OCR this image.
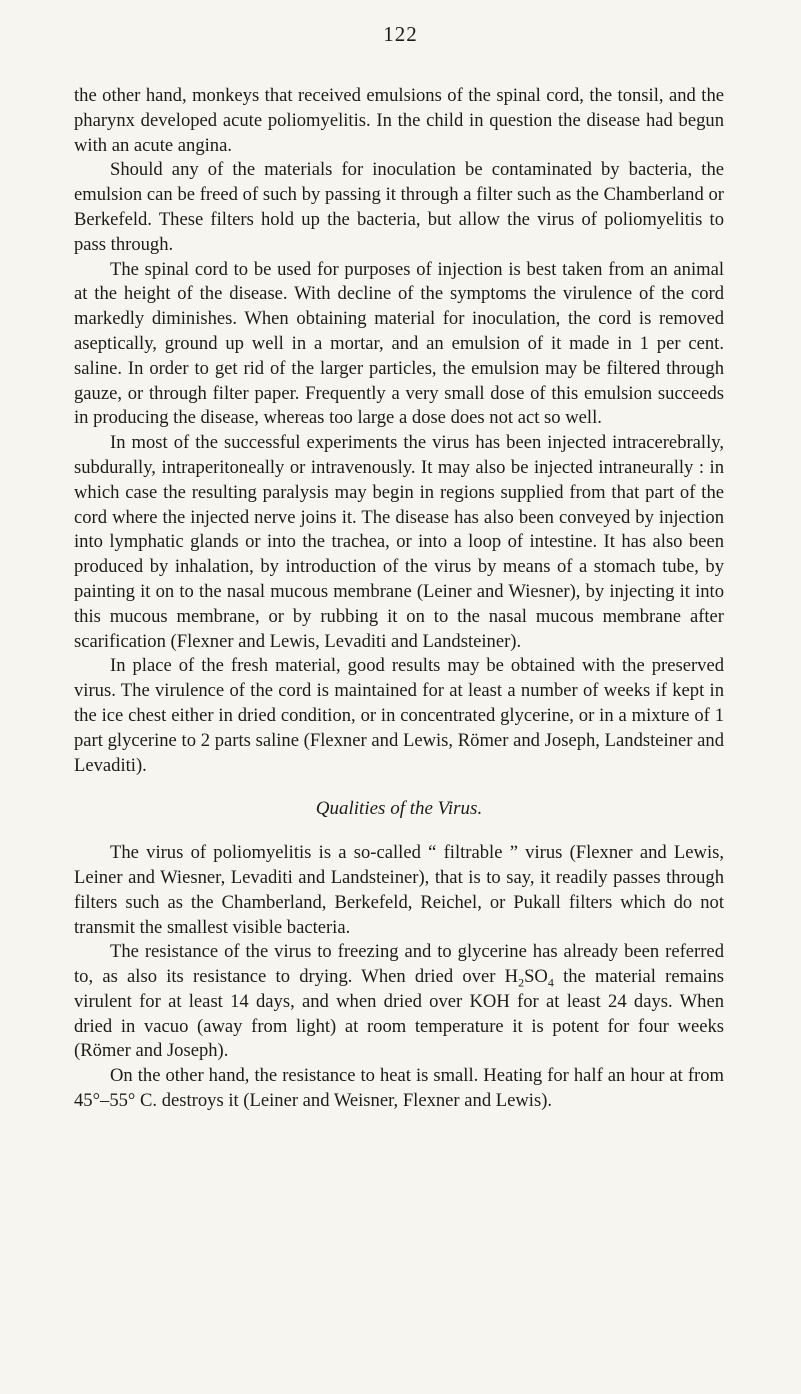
122

the other hand, monkeys that received emulsions of the spinal cord, the tonsil, and the pharynx developed acute poliomyelitis. In the child in question the disease had begun with an acute angina.

Should any of the materials for inoculation be contaminated by bacteria, the emulsion can be freed of such by passing it through a filter such as the Chamberland or Berkefeld. These filters hold up the bacteria, but allow the virus of poliomyelitis to pass through.

The spinal cord to be used for purposes of injection is best taken from an animal at the height of the disease. With decline of the symptoms the virulence of the cord markedly diminishes. When obtaining material for inoculation, the cord is removed aseptically, ground up well in a mortar, and an emulsion of it made in 1 per cent. saline. In order to get rid of the larger particles, the emulsion may be filtered through gauze, or through filter paper. Frequently a very small dose of this emulsion succeeds in producing the disease, whereas too large a dose does not act so well.

In most of the successful experiments the virus has been injected intracerebrally, subdurally, intraperitoneally or intravenously. It may also be injected intraneurally : in which case the resulting paralysis may begin in regions supplied from that part of the cord where the injected nerve joins it. The disease has also been conveyed by injection into lymphatic glands or into the trachea, or into a loop of intestine. It has also been produced by inhalation, by introduction of the virus by means of a stomach tube, by painting it on to the nasal mucous membrane (Leiner and Wiesner), by injecting it into this mucous membrane, or by rubbing it on to the nasal mucous membrane after scarification (Flexner and Lewis, Levaditi and Landsteiner).

In place of the fresh material, good results may be obtained with the preserved virus. The virulence of the cord is maintained for at least a number of weeks if kept in the ice chest either in dried condition, or in concentrated glycerine, or in a mixture of 1 part glycerine to 2 parts saline (Flexner and Lewis, Römer and Joseph, Landsteiner and Levaditi).

Qualities of the Virus.

The virus of poliomyelitis is a so-called “ filtrable ” virus (Flexner and Lewis, Leiner and Wiesner, Levaditi and Landsteiner), that is to say, it readily passes through filters such as the Chamberland, Berkefeld, Reichel, or Pukall filters which do not transmit the smallest visible bacteria.

The resistance of the virus to freezing and to glycerine has already been referred to, as also its resistance to drying. When dried over $H_2SO_4$ the material remains virulent for at least 14 days, and when dried over KOH for at least 24 days. When dried in vacuo (away from light) at room temperature it is potent for four weeks (Römer and Joseph).

On the other hand, the resistance to heat is small. Heating for half an hour at from 45°–55° C. destroys it (Leiner and Weisner, Flexner and Lewis).
